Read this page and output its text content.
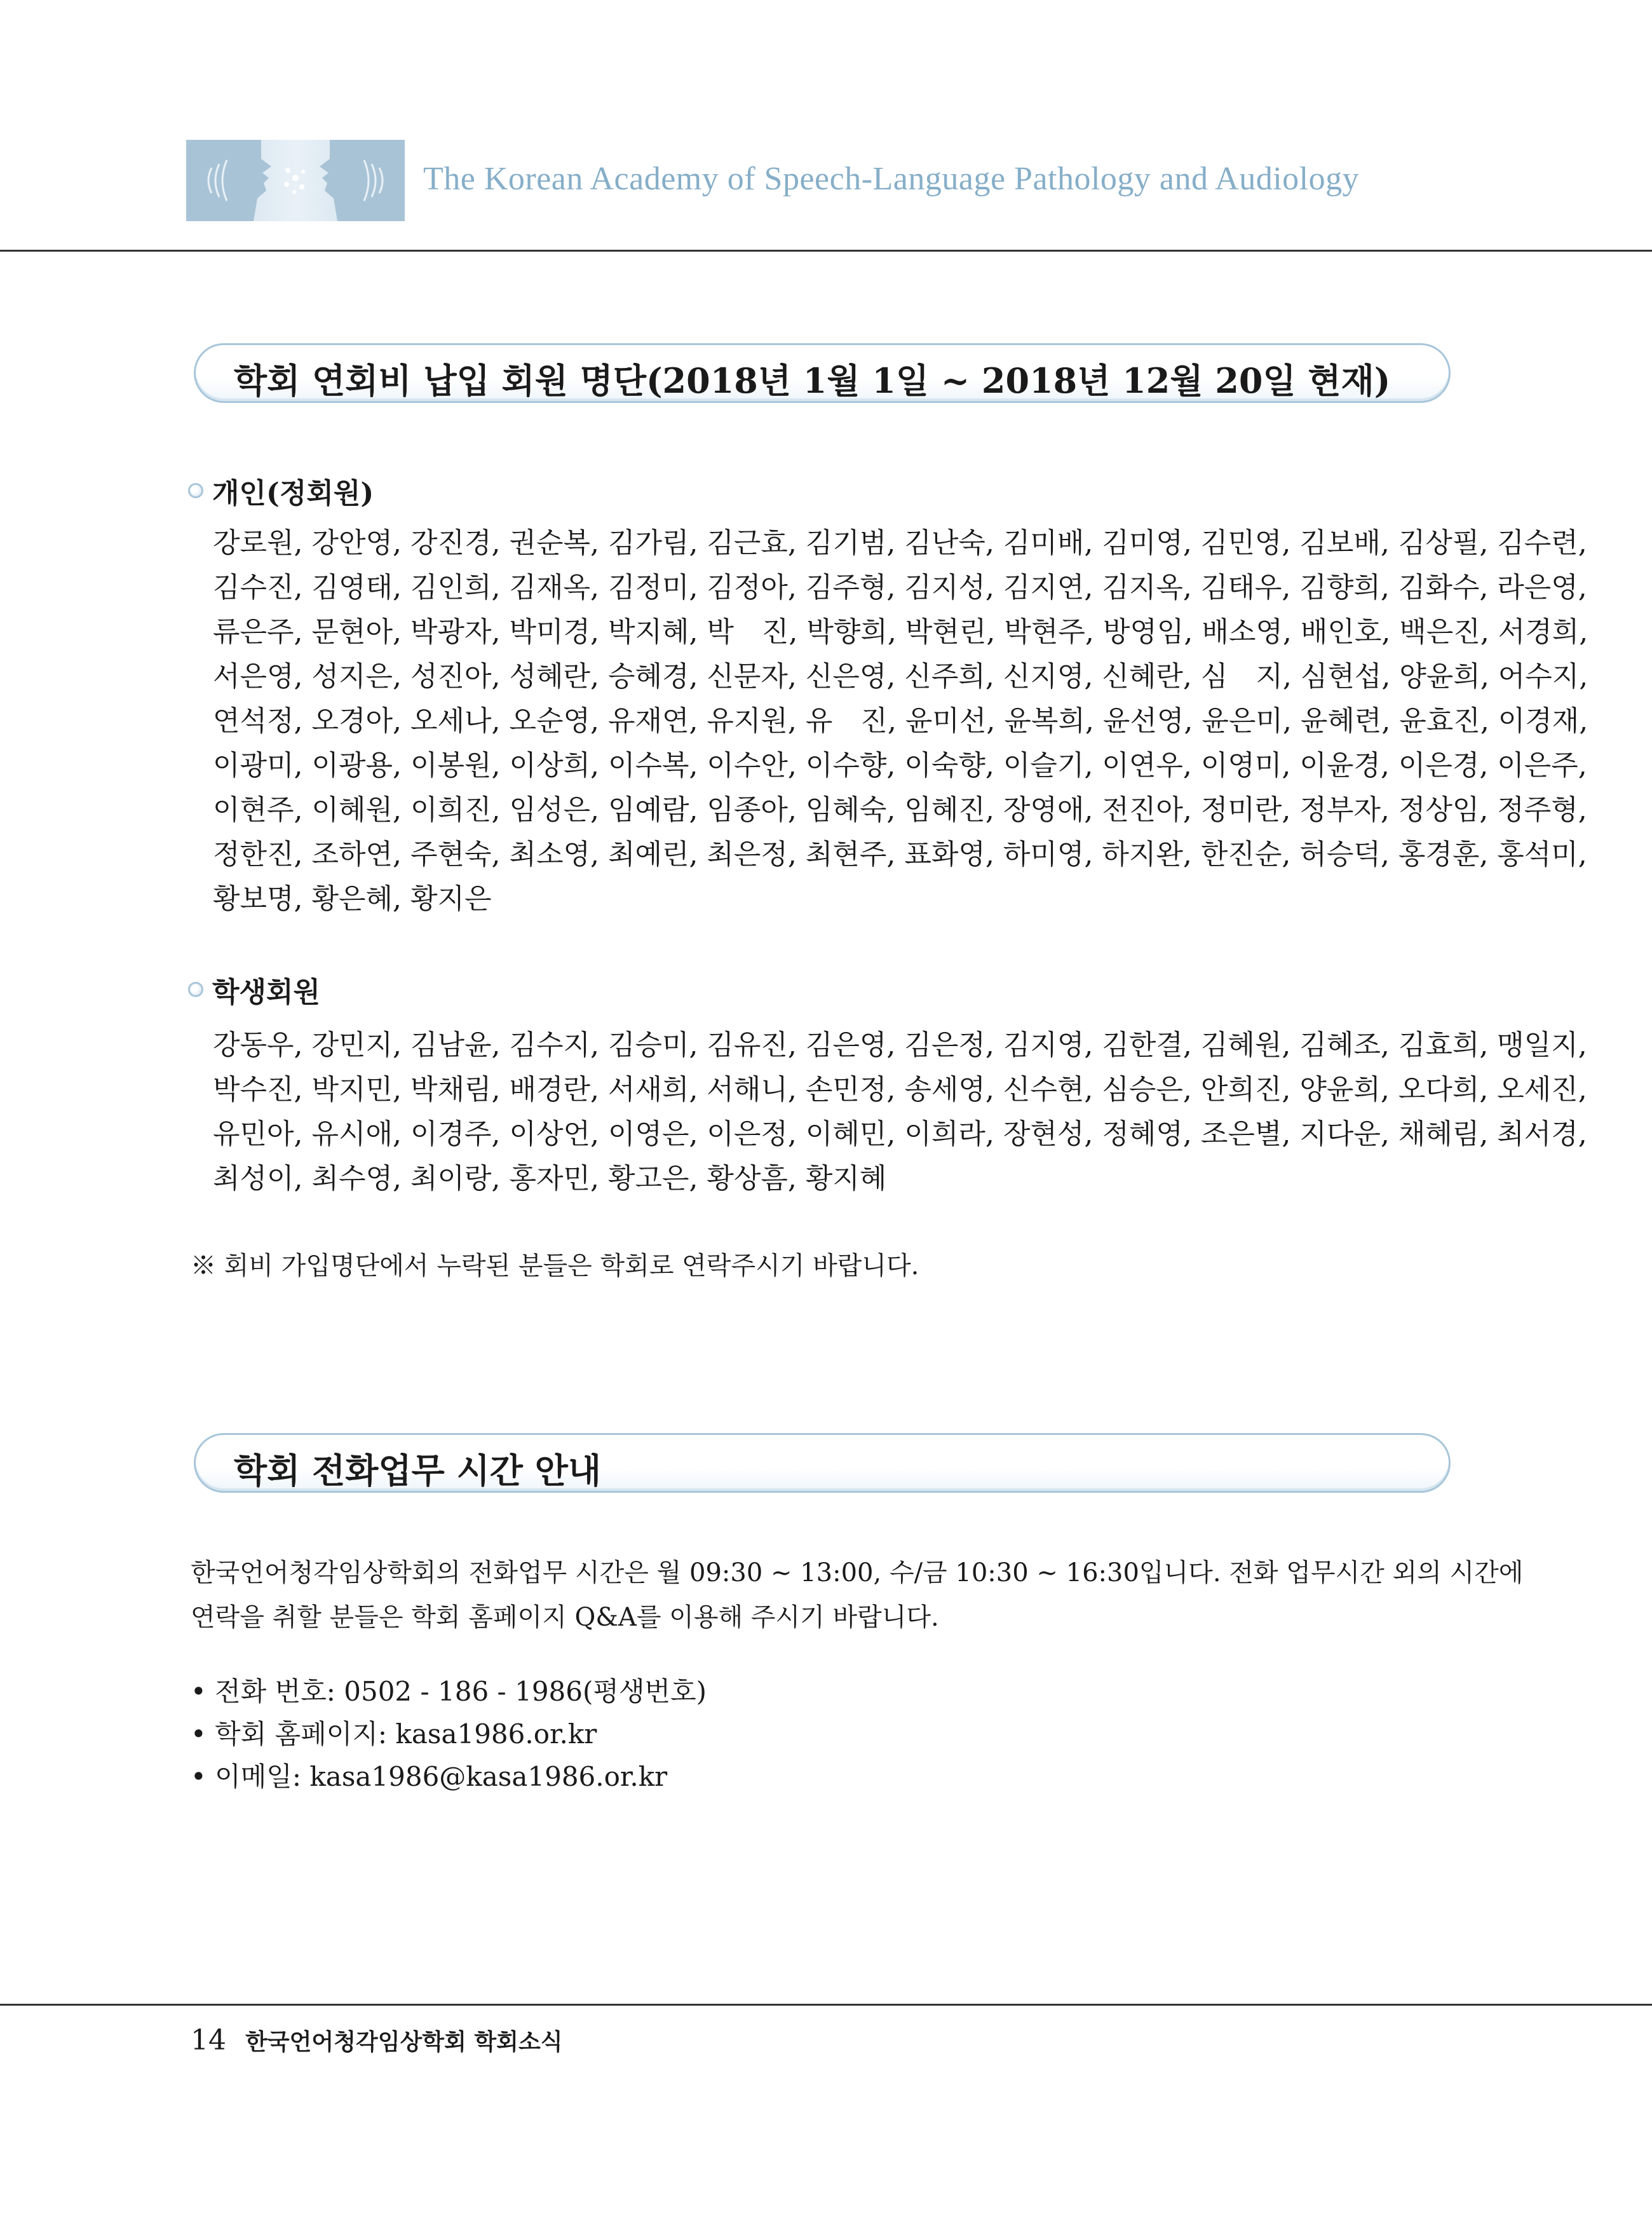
The Korean Academy of Speech-Language Pathology and Audiology
학회 연회비 납입 회원 명단(2018년 1월 1일 ~ 2018년 12월 20일 현재)
개인(정회원)
강로원, 강안영, 강진경, 권순복, 김가림, 김근효, 김기범, 김난숙, 김미배, 김미영, 김민영, 김보배, 김상필, 김수련,
김수진, 김영태, 김인희, 김재옥, 김정미, 김정아, 김주형, 김지성, 김지연, 김지옥, 김태우, 김향희, 김화수, 라은영,
류은주, 문현아, 박광자, 박미경, 박지혜, 박　진, 박향희, 박현린, 박현주, 방영임, 배소영, 배인호, 백은진, 서경희,
서은영, 성지은, 성진아, 성혜란, 승혜경, 신문자, 신은영, 신주희, 신지영, 신혜란, 심　지, 심현섭, 양윤희, 어수지,
연석정, 오경아, 오세나, 오순영, 유재연, 유지원, 유　진, 윤미선, 윤복희, 윤선영, 윤은미, 윤혜련, 윤효진, 이경재,
이광미, 이광용, 이봉원, 이상희, 이수복, 이수안, 이수향, 이숙향, 이슬기, 이연우, 이영미, 이윤경, 이은경, 이은주,
이현주, 이혜원, 이희진, 임성은, 임예람, 임종아, 임혜숙, 임혜진, 장영애, 전진아, 정미란, 정부자, 정상임, 정주형,
정한진, 조하연, 주현숙, 최소영, 최예린, 최은정, 최현주, 표화영, 하미영, 하지완, 한진순, 허승덕, 홍경훈, 홍석미,
황보명, 황은혜, 황지은
학생회원
강동우, 강민지, 김남윤, 김수지, 김승미, 김유진, 김은영, 김은정, 김지영, 김한결, 김혜원, 김혜조, 김효희, 맹일지,
박수진, 박지민, 박채림, 배경란, 서새희, 서해니, 손민정, 송세영, 신수현, 심승은, 안희진, 양윤희, 오다희, 오세진,
유민아, 유시애, 이경주, 이상언, 이영은, 이은정, 이혜민, 이희라, 장현성, 정혜영, 조은별, 지다운, 채혜림, 최서경,
최성이, 최수영, 최이랑, 홍자민, 황고은, 황상흠, 황지혜
※ 회비 가입명단에서 누락된 분들은 학회로 연락주시기 바랍니다.
학회 전화업무 시간 안내
한국언어청각임상학회의 전화업무 시간은 월 09:30 ~ 13:00, 수/금 10:30 ~ 16:30입니다. 전화 업무시간 외의 시간에
연락을 취할 분들은 학회 홈페이지 Q&A를 이용해 주시기 바랍니다.
• 전화 번호: 0502 - 186 - 1986(평생번호)
• 학회 홈페이지: kasa1986.or.kr
• 이메일: kasa1986@kasa1986.or.kr
14 한국언어청각임상학회 학회소식
